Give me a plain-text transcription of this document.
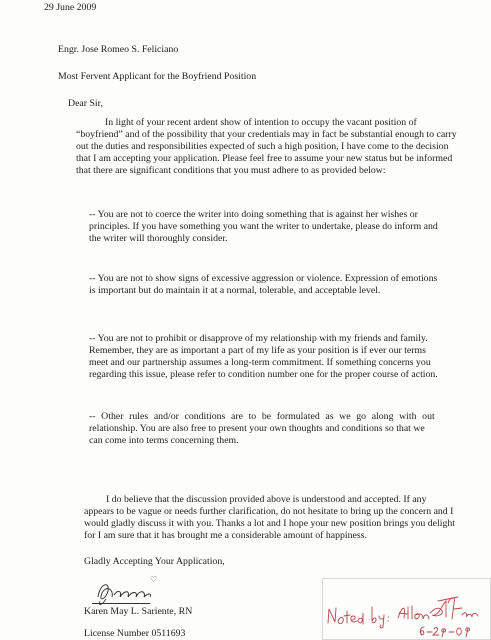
29 June 2009

Engr. Jose Romeo S. Feliciano

Most Fervent Applicant for the Boyfriend Position

Dear Sir,

In light of your recent ardent show of intention to occupy the vacant position of
“boyfriend” and of the possibility that your credentials may in fact be substantial enough to carry
out the duties and responsibilities expected of such a high position, I have come to the decision
that I am accepting your application. Please feel free to assume your new status but be informed
that there are significant conditions that you must adhere to as provided below:
-- You are not to coerce the writer into doing something that is against her wishes or
principles. If you have something you want the writer to undertake, please do inform and
the writer will thoroughly consider.
-- You are not to show signs of excessive aggression or violence. Expression of emotions
is important but do maintain it at a normal, tolerable, and acceptable level.
-- You are not to prohibit or disapprove of my relationship with my friends and family.
Remember, they are as important a part of my life as your position is if ever our terms
meet and our partnership assumes a long-term commitment. If something concerns you
regarding this issue, please refer to condition number one for the proper course of action.
-- Other rules and/or conditions are to be formulated as we go along with out
relationship. You are also free to present your own thoughts and conditions so that we
can come into terms concerning them.
I do believe that the discussion provided above is understood and accepted. If any
appears to be vague or needs further clarification, do not hesitate to bring up the concern and I
would gladly discuss it with you. Thanks a lot and I hope your new position brings you delight
for I am sure that it has brought me a considerable amount of happiness.

Gladly Accepting Your Application,

♡

Karen May L. Sariente, RN

License Number 0511693
